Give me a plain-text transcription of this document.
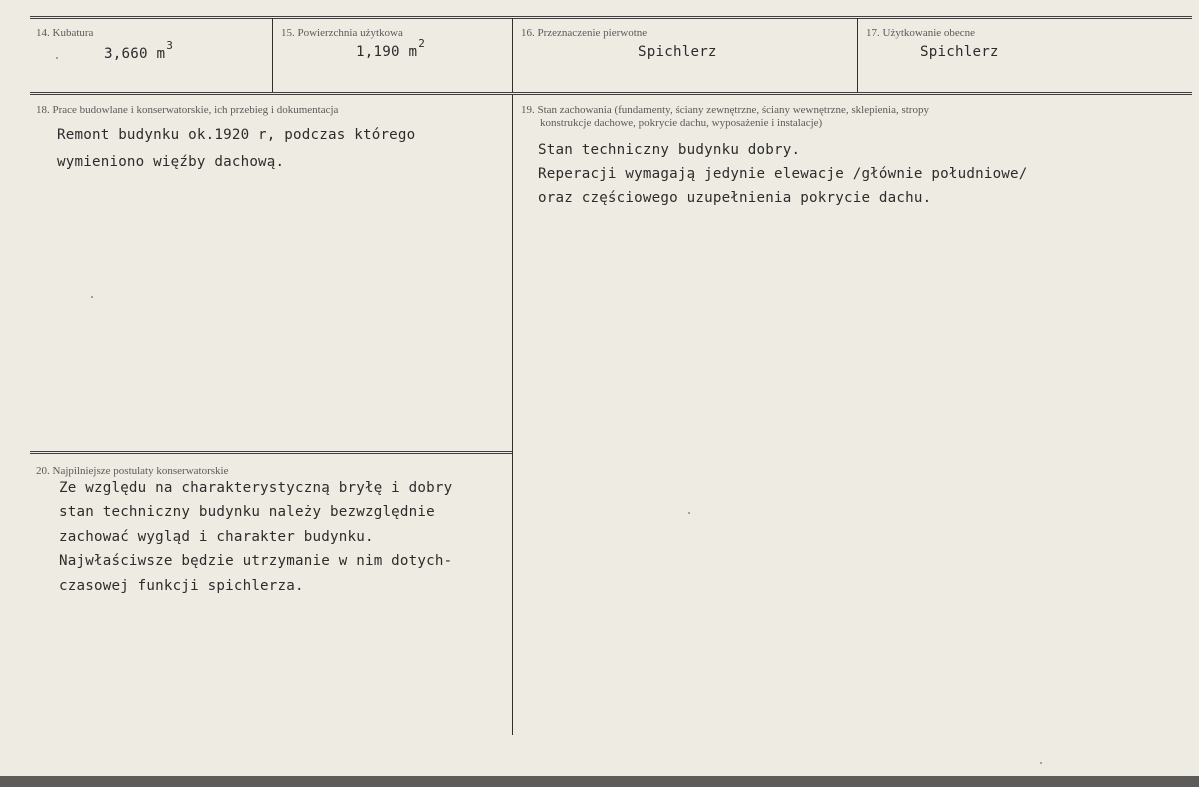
14. Kubatura
3,660 $m^3$
15. Powierzchnia użytkowa
1,190 $m^2$
16. Przeznaczenie pierwotne
Spichlerz
17. Użytkowanie obecne
Spichlerz
18. Prace budowlane i konserwatorskie, ich przebieg i dokumentacja
Remont budynku ok.1920 r, podczas którego
wymieniono więźby dachową.
19. Stan zachowania (fundamenty, ściany zewnętrzne, ściany wewnętrzne, sklepienia, stropy
konstrukcje dachowe, pokrycie dachu, wyposażenie i instalacje)
Stan techniczny budynku dobry.
Reperacji wymagają jedynie elewacje /głównie południowe/
oraz częściowego uzupełnienia pokrycie dachu.
20. Najpilniejsze postulaty konserwatorskie
Ze względu na charakterystyczną bryłę i dobry
stan techniczny budynku należy bezwzględnie
zachować wygląd i charakter budynku.
Najwłaściwsze będzie utrzymanie w nim dotych-
czasowej funkcji spichlerza.
